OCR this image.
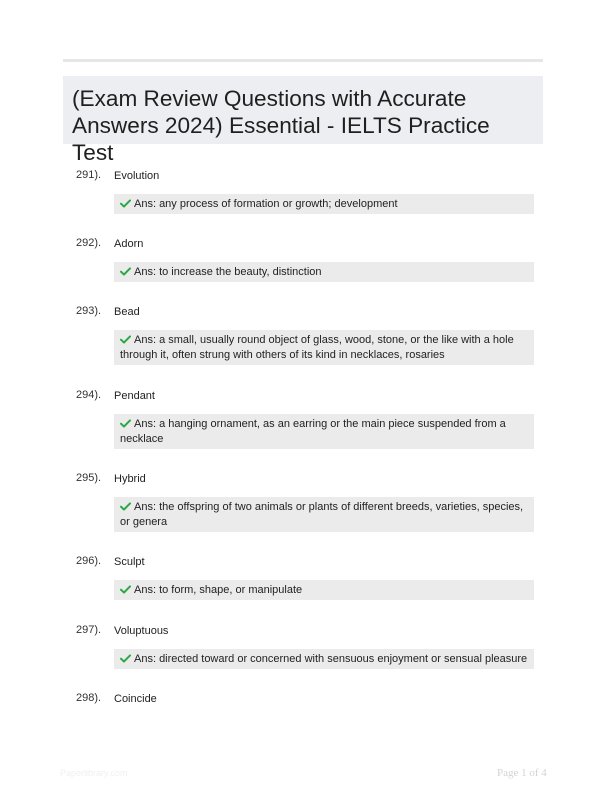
(Exam Review Questions with Accurate Answers 2024) Essential - IELTS Practice Test
291). Evolution
Ans: any process of formation or growth; development
292). Adorn
Ans: to increase the beauty, distinction
293). Bead
Ans: a small, usually round object of glass, wood, stone, or the like with a hole through it, often strung with others of its kind in necklaces, rosaries
294). Pendant
Ans: a hanging ornament, as an earring or the main piece suspended from a necklace
295). Hybrid
Ans: the offspring of two animals or plants of different breeds, varieties, species, or genera
296). Sculpt
Ans: to form, shape, or manipulate
297). Voluptuous
Ans: directed toward or concerned with sensuous enjoyment or sensual pleasure
298). Coincide
Paperlibrary.com	Page 1 of 4
